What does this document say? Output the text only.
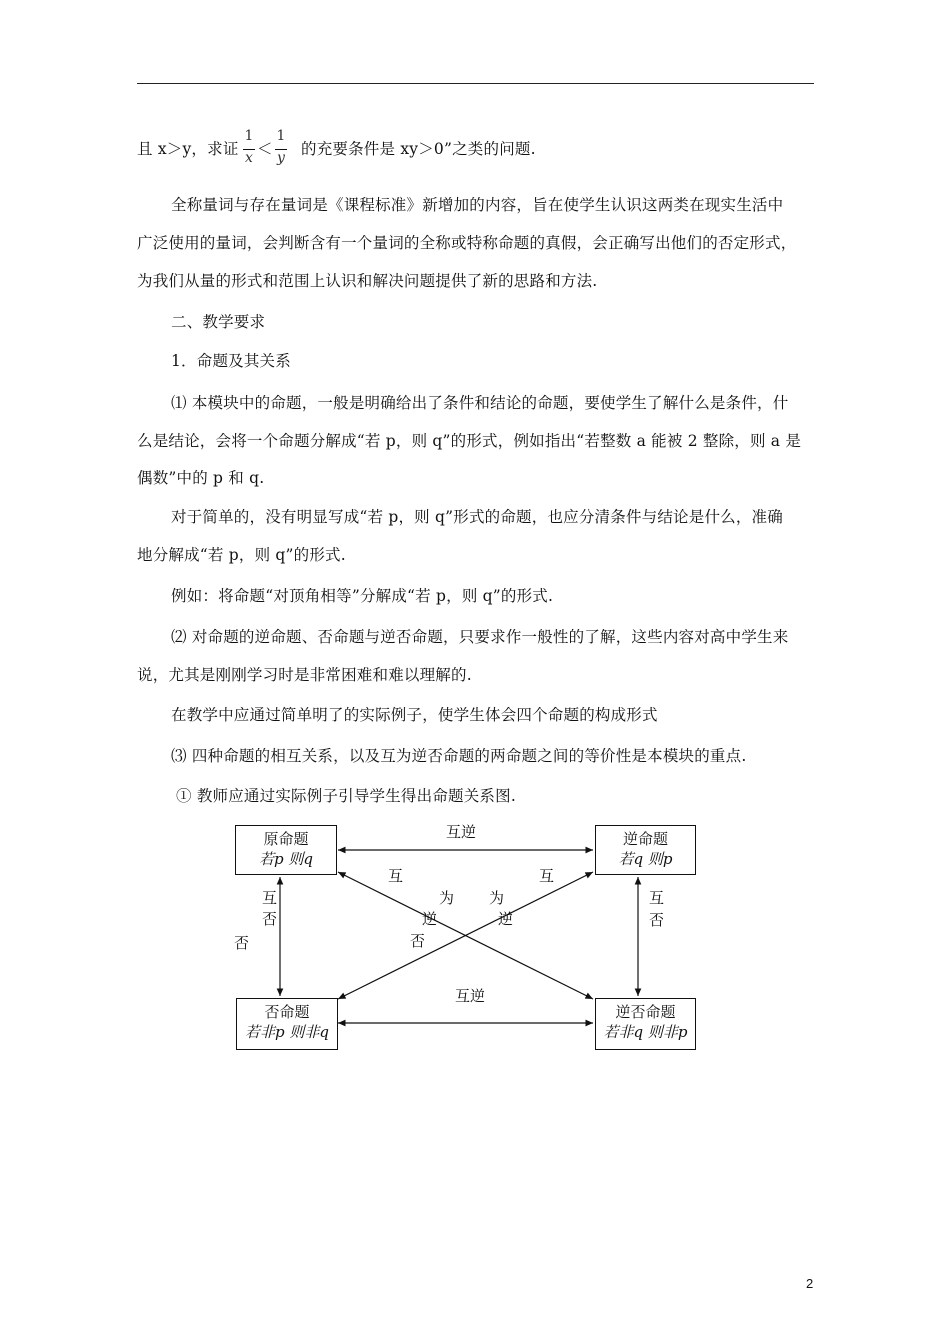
且 x＞y，求证
1
x ＜
1
y 的充要条件是 xy＞0”之类的问题.
全称量词与存在量词是《课程标准》新增加的内容，旨在使学生认识这两类在现实生活中
广泛使用的量词，会判断含有一个量词的全称或特称命题的真假，会正确写出他们的否定形式，
为我们从量的形式和范围上认识和解决问题提供了新的思路和方法.
二、教学要求
1．命题及其关系
⑴ 本模块中的命题，一般是明确给出了条件和结论的命题，要使学生了解什么是条件，什
么是结论，会将一个命题分解成“若 p，则 q”的形式，例如指出“若整数 a 能被 2 整除，则 a 是
偶数”中的 p 和 q.
对于简单的，没有明显写成“若 p，则 q”形式的命题，也应分清条件与结论是什么，准确
地分解成“若 p，则 q”的形式.
例如：将命题“对顶角相等”分解成“若 p，则 q”的形式.
⑵ 对命题的逆命题、否命题与逆否命题，只要求作一般性的了解，这些内容对高中学生来
说，尤其是刚刚学习时是非常困难和难以理解的.
在教学中应通过简单明了的实际例子，使学生体会四个命题的构成形式
⑶ 四种命题的相互关系，以及互为逆否命题的两命题之间的等价性是本模块的重点.
① 教师应通过实际例子引导学生得出命题关系图.
原命题
若p 则q
逆命题
若q 则p
否命题
若非p 则非q
逆否命题
若非q 则非p
互逆
互逆
互
否
否
互
否
互
为
逆
否
互
为
逆
2
